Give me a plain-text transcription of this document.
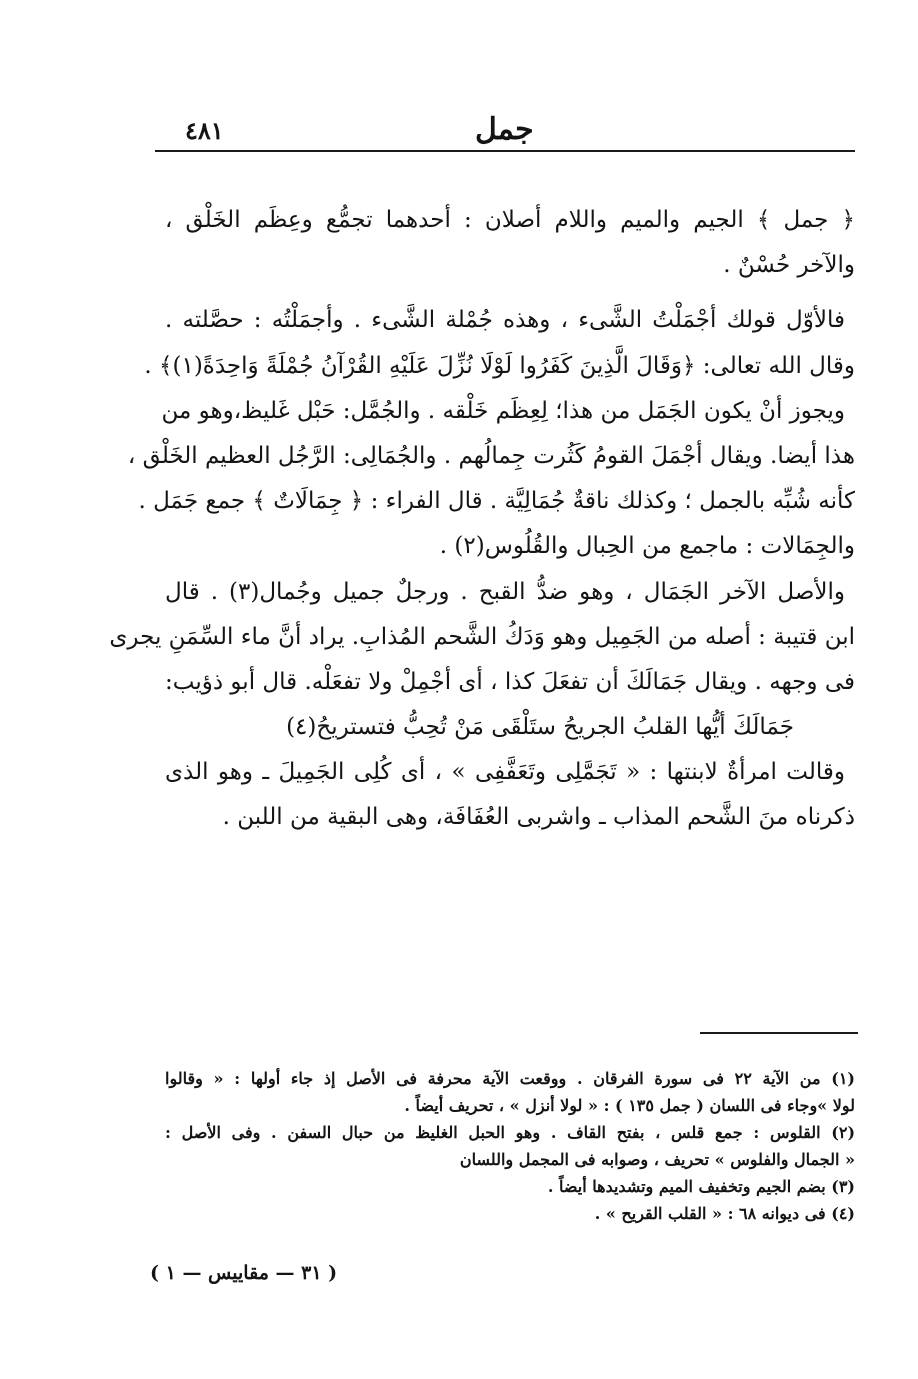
٤٨١	جمل
﴿ جمل ﴾ الجيم والميم واللام أصلان : أحدهما تجمُّع وعِظَم الخَلْق ،
والآخر حُسْنٌ .
فالأوّل قولك أجْمَلْتُ الشَّىء ، وهذه جُمْلة الشَّىء . وأجمَلْتُه : حصَّلته .
وقال الله تعالى: ﴿وَقَالَ الَّذِينَ كَفَرُوا لَوْلَا نُزِّلَ عَلَيْهِ القُرْآنُ جُمْلَةً وَاحِدَةً(١)﴾ .
ويجوز أنْ يكون الجَمَل من هذا؛ لِعِظَم خَلْقه . والجُمَّل: حَبْل غَليظ،وهو من
هذا أيضا. ويقال أجْمَلَ القومُ كَثُرت جِمالُهم . والجُمَالِى: الرَّجُل العظيم الخَلْق ،
كأنه شُبِّه بالجمل ؛ وكذلك ناقةٌ جُمَالِيَّة . قال الفراء : ﴿ جِمَالَاتٌ ﴾ جمع جَمَل .
والجِمَالات : ماجمع من الحِبال والقُلُوس(٢) .
والأصل الآخر الجَمَال ، وهو ضدُّ القبح . ورجلٌ جميل وجُمال(٣) . قال
ابن قتيبة : أصله من الجَمِيل وهو وَدَكُ الشَّحم المُذابِ. يراد أنَّ ماء السِّمَنِ يجرى
فى وجهه . ويقال جَمَالَكَ أن تفعَلَ كذا ، أى أجْمِلْ ولا تفعَلْه. قال أبو ذؤيب:
جَمَالَكَ أيُّها القلبُ الجريحُ ستَلْقَى مَنْ تُحِبُّ فتستريحُ(٤)
وقالت امرأةٌ لابنتها : « تَجَمَّلِى وتَعَفَّفِى » ، أى كُلِى الجَمِيلَ ـ وهو الذى
ذكرناه منَ الشَّحم المذاب ـ واشربى العُفَافَة، وهى البقية من اللبن .
(١) من الآية ٢٢ فى سورة الفرقان . ووقعت الآية محرفة فى الأصل إذ جاء أولها : « وقالوا
لولا »وجاء فى اللسان ( جمل ١٣٥ ) : « لولا أنزل » ، تحريف أيضاً .
(٢) القلوس : جمع قلس ، بفتح القاف . وهو الحبل الغليظ من حبال السفن . وفى الأصل :
« الجمال والفلوس » تحريف ، وصوابه فى المجمل واللسان
(٣) بضم الجيم وتخفيف الميم وتشديدها أيضاً .
(٤) فى ديوانه ٦٨ : « القلب القريح » .
( ٣١ — مقاييس — ١ )
